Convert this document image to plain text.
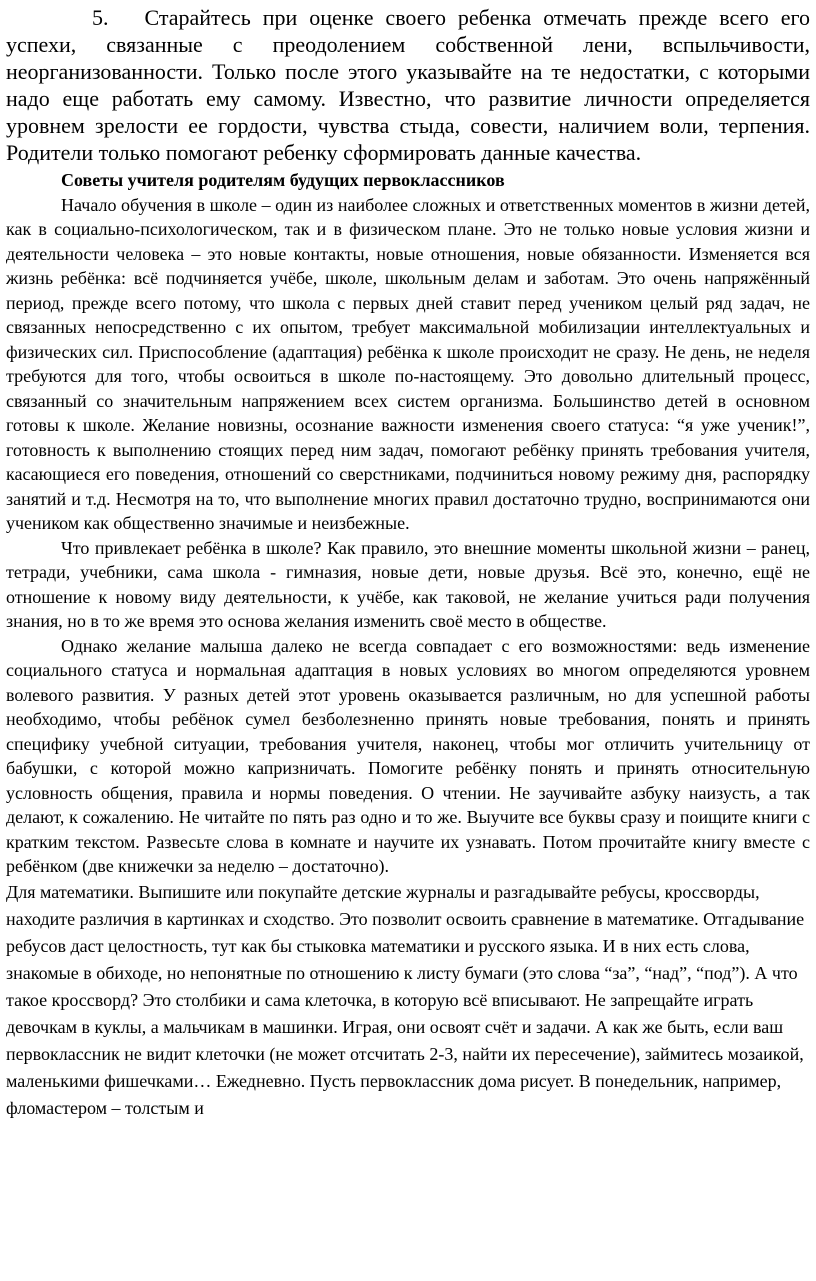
5. Старайтесь при оценке своего ребенка отмечать прежде всего его успехи, связанные с преодолением собственной лени, вспыльчивости, неорганизованности. Только после этого указывайте на те недостатки, с которыми надо еще работать ему самому. Известно, что развитие личности определяется уровнем зрелости ее гордости, чувства стыда, совести, наличием воли, терпения. Родители только помогают ребенку сформировать данные качества.

Советы учителя родителям будущих первоклассников

Начало обучения в школе – один из наиболее сложных и ответственных моментов в жизни детей, как в социально-психологическом, так и в физическом плане. Это не только новые условия жизни и деятельности человека – это новые контакты, новые отношения, новые обязанности. Изменяется вся жизнь ребёнка: всё подчиняется учёбе, школе, школьным делам и заботам. Это очень напряжённый период, прежде всего потому, что школа с первых дней ставит перед учеником целый ряд задач, не связанных непосредственно с их опытом, требует максимальной мобилизации интеллектуальных и физических сил. Приспособление (адаптация) ребёнка к школе происходит не сразу. Не день, не неделя требуются для того, чтобы освоиться в школе по-настоящему. Это довольно длительный процесс, связанный со значительным напряжением всех систем организма. Большинство детей в основном готовы к школе. Желание новизны, осознание важности изменения своего статуса: “я уже ученик!”, готовность к выполнению стоящих перед ним задач, помогают ребёнку принять требования учителя, касающиеся его поведения, отношений со сверстниками, подчиниться новому режиму дня, распорядку занятий и т.д. Несмотря на то, что выполнение многих правил достаточно трудно, воспринимаются они учеником как общественно значимые и неизбежные.

Что привлекает ребёнка в школе? Как правило, это внешние моменты школьной жизни – ранец, тетради, учебники, сама школа - гимназия, новые дети, новые друзья. Всё это, конечно, ещё не отношение к новому виду деятельности, к учёбе, как таковой, не желание учиться ради получения знания, но в то же время это основа желания изменить своё место в обществе.

Однако желание малыша далеко не всегда совпадает с его возможностями: ведь изменение социального статуса и нормальная адаптация в новых условиях во многом определяются уровнем волевого развития. У разных детей этот уровень оказывается различным, но для успешной работы необходимо, чтобы ребёнок сумел безболезненно принять новые требования, понять и принять специфику учебной ситуации, требования учителя, наконец, чтобы мог отличить учительницу от бабушки, с которой можно капризничать. Помогите ребёнку понять и принять относительную условность общения, правила и нормы поведения. О чтении. Не заучивайте азбуку наизусть, а так делают, к сожалению. Не читайте по пять раз одно и то же. Выучите все буквы сразу и поищите книги с кратким текстом. Развесьте слова в комнате и научите их узнавать. Потом прочитайте книгу вместе с ребёнком (две книжечки за неделю – достаточно).

Для математики. Выпишите или покупайте детские журналы и разгадывайте ребусы, кроссворды, находите различия в картинках и сходство. Это позволит освоить сравнение в математике. Отгадывание ребусов даст целостность, тут как бы стыковка математики и русского языка. И в них есть слова, знакомые в обиходе, но непонятные по отношению к листу бумаги (это слова “за”, “над”, “под”). А что такое кроссворд? Это столбики и сама клеточка, в которую всё вписывают. Не запрещайте играть девочкам в куклы, а мальчикам в машинки. Играя, они освоят счёт и задачи. А как же быть, если ваш первоклассник не видит клеточки (не может отсчитать 2-3, найти их пересечение), займитесь мозаикой, маленькими фишечками… Ежедневно. Пусть первоклассник дома рисует. В понедельник, например, фломастером – толстым и
